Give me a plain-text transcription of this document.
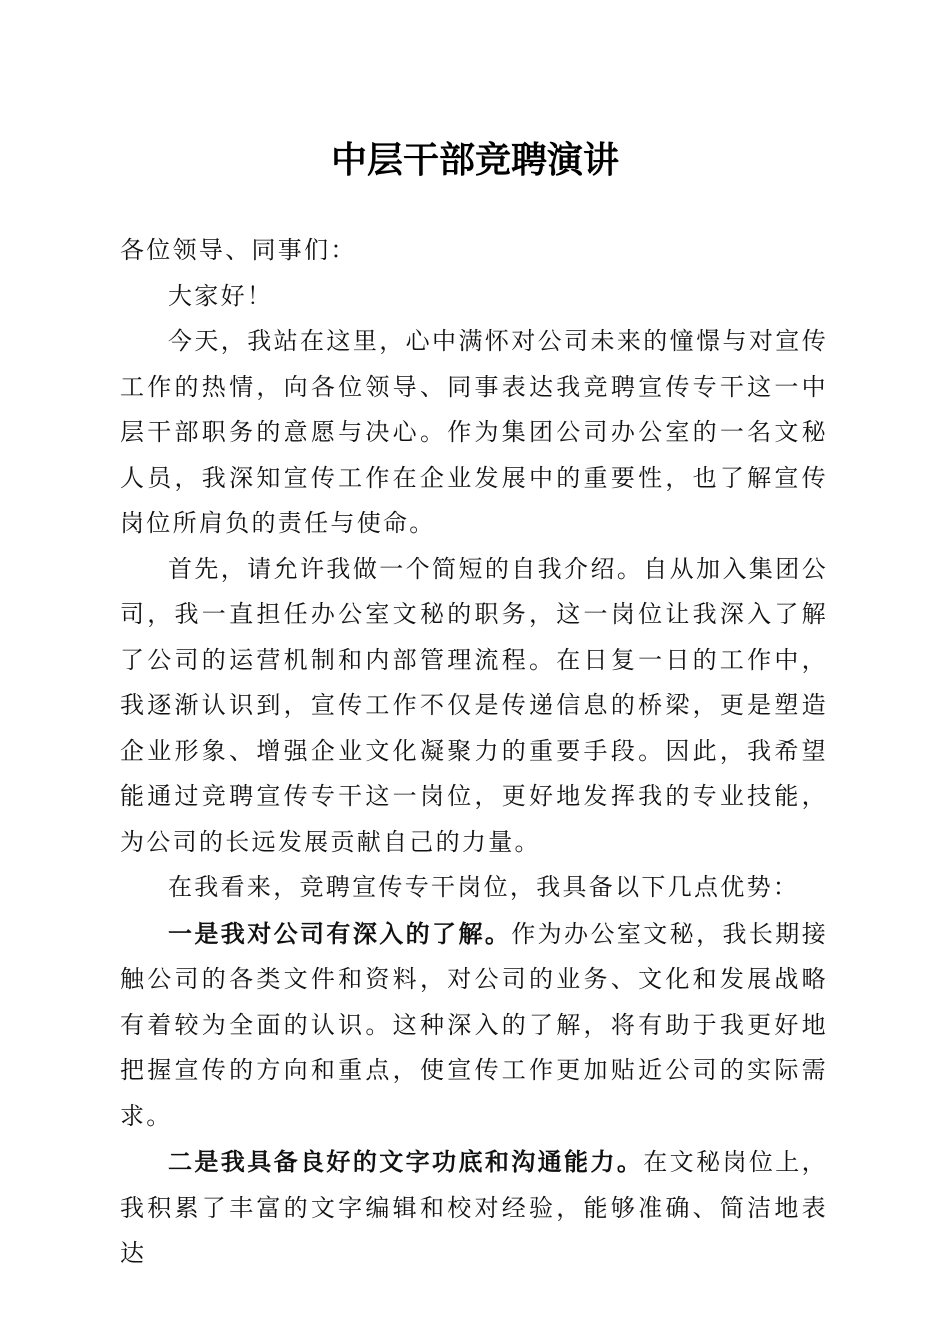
中层干部竞聘演讲

各位领导、同事们：

大家好！

今天，我站在这里，心中满怀对公司未来的憧憬与对宣传工作的热情，向各位领导、同事表达我竞聘宣传专干这一中层干部职务的意愿与决心。作为集团公司办公室的一名文秘人员，我深知宣传工作在企业发展中的重要性，也了解宣传岗位所肩负的责任与使命。

首先，请允许我做一个简短的自我介绍。自从加入集团公司，我一直担任办公室文秘的职务，这一岗位让我深入了解了公司的运营机制和内部管理流程。在日复一日的工作中，我逐渐认识到，宣传工作不仅是传递信息的桥梁，更是塑造企业形象、增强企业文化凝聚力的重要手段。因此，我希望能通过竞聘宣传专干这一岗位，更好地发挥我的专业技能，为公司的长远发展贡献自己的力量。

在我看来，竞聘宣传专干岗位，我具备以下几点优势：

一是我对公司有深入的了解。作为办公室文秘，我长期接触公司的各类文件和资料，对公司的业务、文化和发展战略有着较为全面的认识。这种深入的了解，将有助于我更好地把握宣传的方向和重点，使宣传工作更加贴近公司的实际需求。

二是我具备良好的文字功底和沟通能力。在文秘岗位上，我积累了丰富的文字编辑和校对经验，能够准确、简洁地表达
